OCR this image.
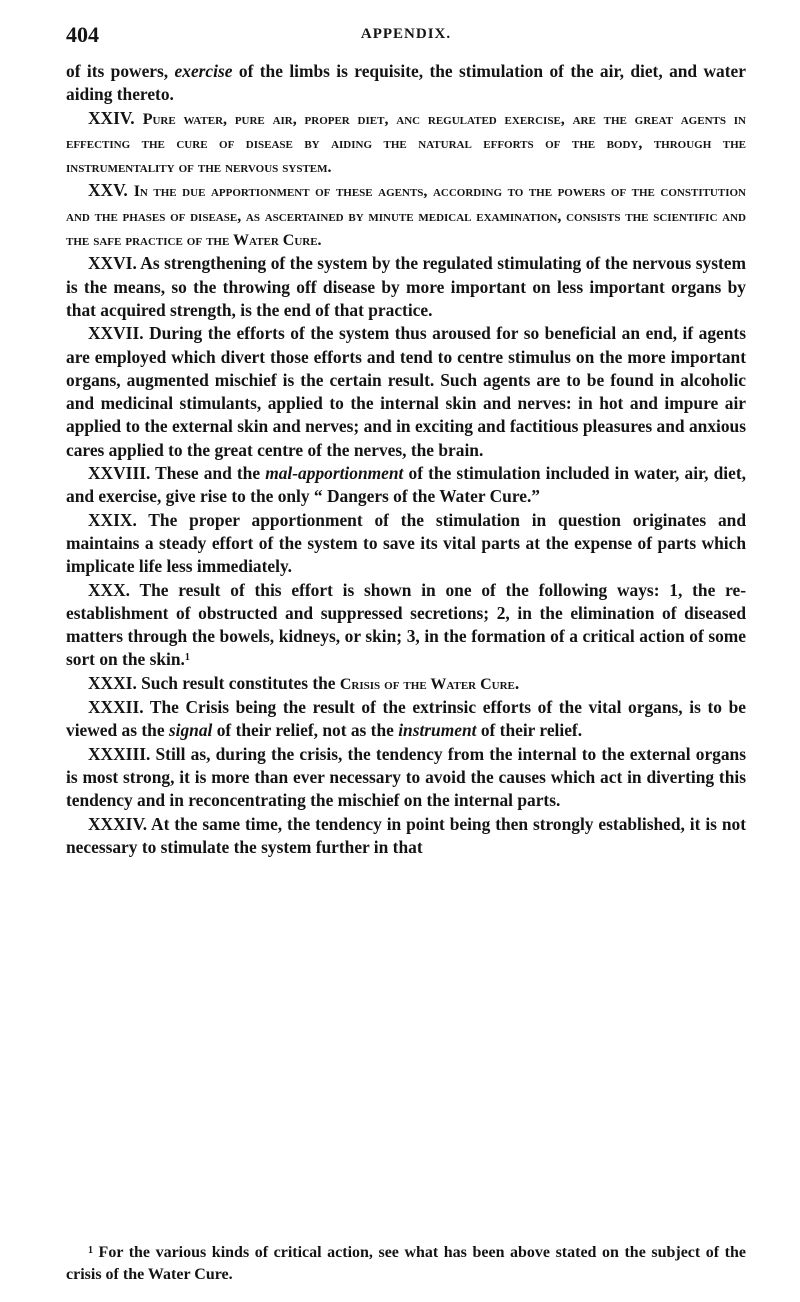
404	APPENDIX.

of its powers, exercise of the limbs is requisite, the stimulation of the air, diet, and water aiding thereto.

XXIV. Pure water, pure air, proper diet, anc regulated exercise, are the great agents in effecting the cure of disease by aiding the natural efforts of the body, through the instrumentality of the nervous system.

XXV. In the due apportionment of these agents, according to the powers of the constitution and the phases of disease, as ascertained by minute medical examination, consists the scientific and the safe practice of the Water Cure.

XXVI. As strengthening of the system by the regulated stimulating of the nervous system is the means, so the throwing off disease by more important on less important organs by that acquired strength, is the end of that practice.

XXVII. During the efforts of the system thus aroused for so beneficial an end, if agents are employed which divert those efforts and tend to centre stimulus on the more important organs, augmented mischief is the certain result. Such agents are to be found in alcoholic and medicinal stimulants, applied to the internal skin and nerves: in hot and impure air applied to the external skin and nerves; and in exciting and factitious pleasures and anxious cares applied to the great centre of the nerves, the brain.

XXVIII. These and the mal-apportionment of the stimulation included in water, air, diet, and exercise, give rise to the only “ Dangers of the Water Cure.”

XXIX. The proper apportionment of the stimulation in question originates and maintains a steady effort of the system to save its vital parts at the expense of parts which implicate life less immediately.

XXX. The result of this effort is shown in one of the following ways: 1, the re-establishment of obstructed and suppressed secretions; 2, in the elimination of diseased matters through the bowels, kidneys, or skin; 3, in the formation of a critical action of some sort on the skin.$^1$

XXXI. Such result constitutes the Crisis of the Water Cure.

XXXII. The Crisis being the result of the extrinsic efforts of the vital organs, is to be viewed as the signal of their relief, not as the instrument of their relief.

XXXIII. Still as, during the crisis, the tendency from the internal to the external organs is most strong, it is more than ever necessary to avoid the causes which act in diverting this tendency and in reconcentrating the mischief on the internal parts.

XXXIV. At the same time, the tendency in point being then strongly established, it is not necessary to stimulate the system further in that

$^1$ For the various kinds of critical action, see what has been above stated on the subject of the crisis of the Water Cure.
